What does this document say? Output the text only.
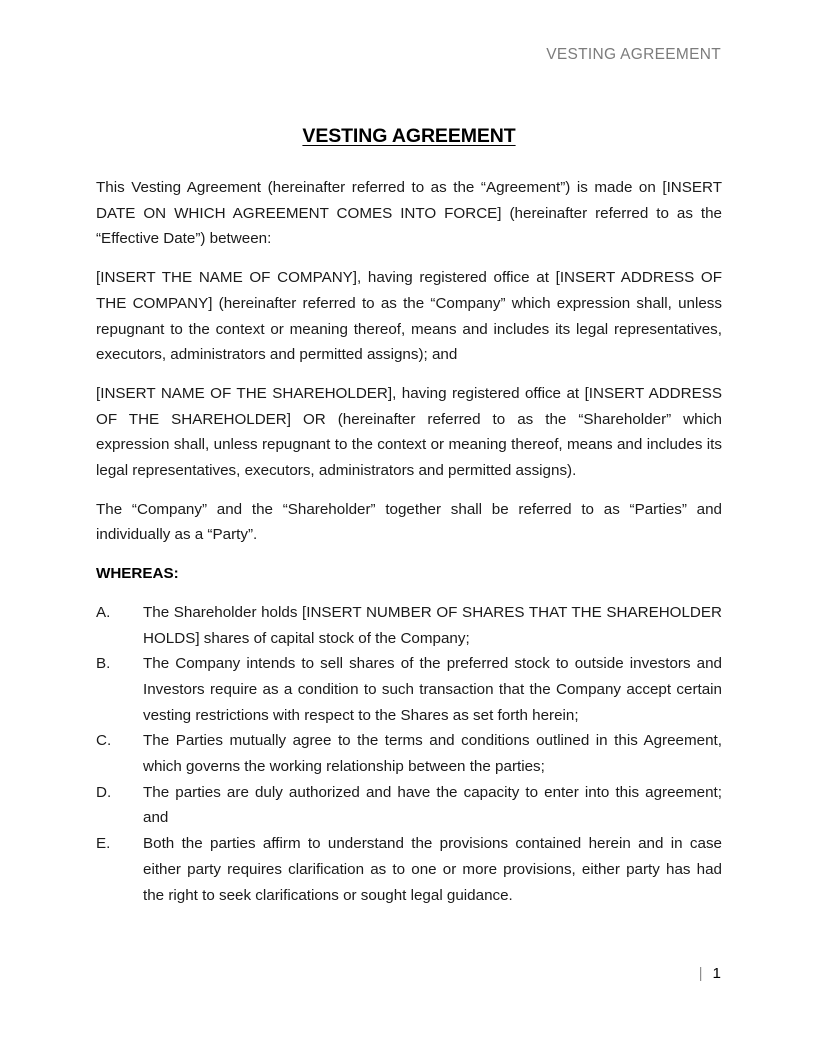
VESTING AGREEMENT
VESTING AGREEMENT

This Vesting Agreement (hereinafter referred to as the “Agreement”) is made on [INSERT DATE ON WHICH AGREEMENT COMES INTO FORCE] (hereinafter referred to as the “Effective Date”) between:

[INSERT THE NAME OF COMPANY], having registered office at [INSERT ADDRESS OF THE COMPANY] (hereinafter referred to as the “Company” which expression shall, unless repugnant to the context or meaning thereof, means and includes its legal representatives, executors, administrators and permitted assigns); and

[INSERT NAME OF THE SHAREHOLDER], having registered office at [INSERT ADDRESS OF THE SHAREHOLDER] OR (hereinafter referred to as the “Shareholder” which expression shall, unless repugnant to the context or meaning thereof, means and includes its legal representatives, executors, administrators and permitted assigns).

The “Company” and the “Shareholder” together shall be referred to as “Parties” and individually as a “Party”.

WHEREAS:

A.	The Shareholder holds [INSERT NUMBER OF SHARES THAT THE SHAREHOLDER HOLDS] shares of capital stock of the Company;
B.	The Company intends to sell shares of the preferred stock to outside investors and Investors require as a condition to such transaction that the Company accept certain vesting restrictions with respect to the Shares as set forth herein;
C.	The Parties mutually agree to the terms and conditions outlined in this Agreement, which governs the working relationship between the parties;
D.	The parties are duly authorized and have the capacity to enter into this agreement; and
E.	Both the parties affirm to understand the provisions contained herein and in case either party requires clarification as to one or more provisions, either party has had the right to seek clarifications or sought legal guidance.
| 1
